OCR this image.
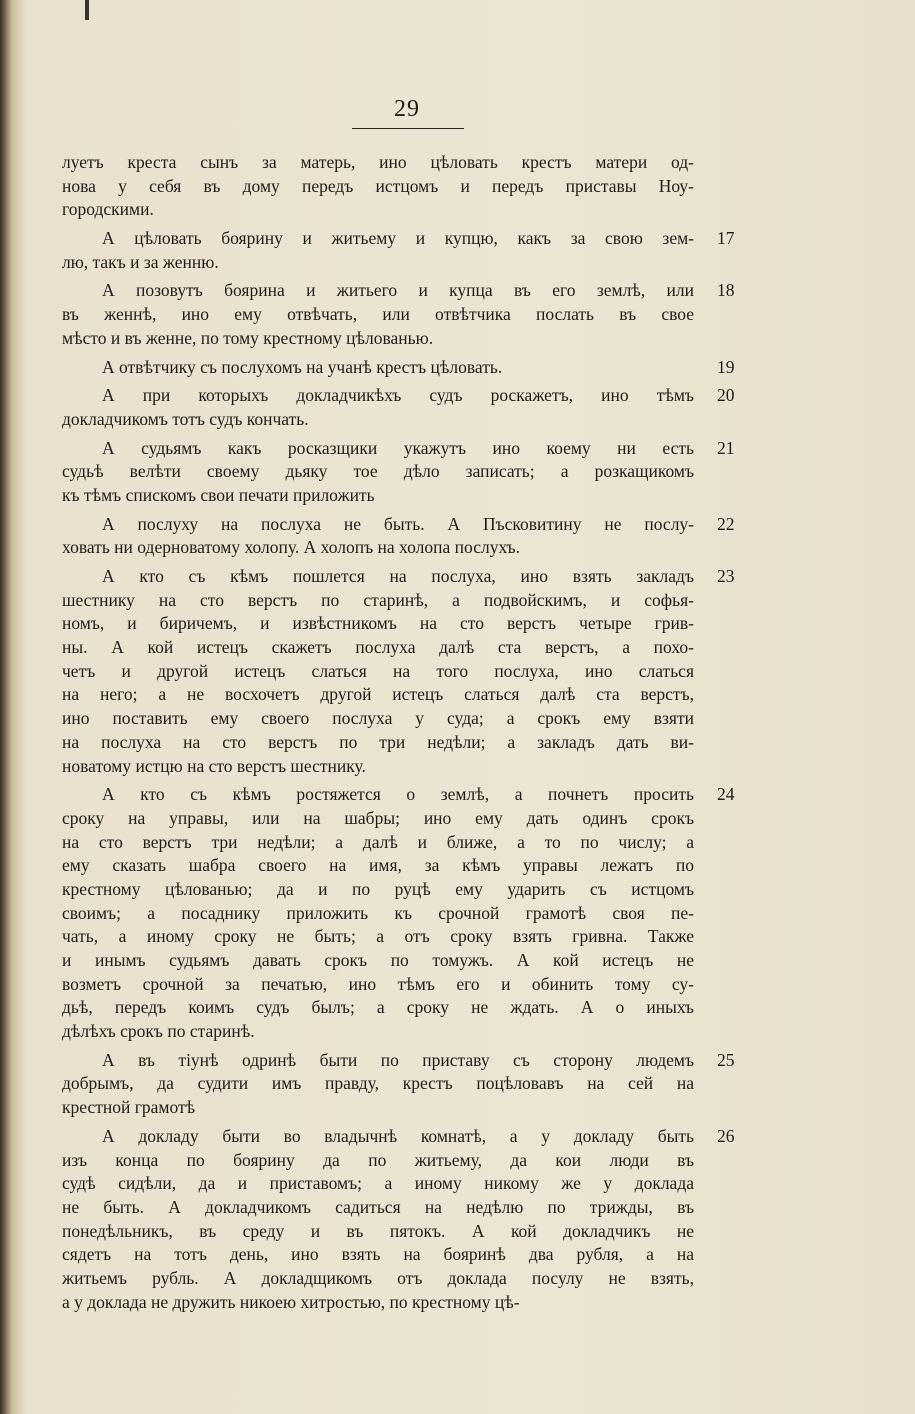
29
луетъ креста сынъ за матерь, ино цѣловать крестъ матери од-
нова у себя въ дому передъ истцомъ и передъ приставы Ноу-
городскими.
17
А цѣловать боярину и житьему и купцю, какъ за свою зем-
лю, такъ и за женню.
18
А позовутъ боярина и житьего и купца въ его землѣ, или
въ женнѣ, ино ему отвѣчать, или отвѣтчика послать въ свое
мѣсто и въ женне, по тому крестному цѣлованью.
19
А отвѣтчику съ послухомъ на учанѣ крестъ цѣловать.
20
А при которыхъ докладчикѣхъ судъ роскажетъ, ино тѣмъ
докладчикомъ тотъ судъ кончать.
21
А судьямъ какъ росказщики укажутъ ино коему ни есть
судьѣ велѣти своему дьяку тое дѣло записать; а розкащикомъ
къ тѣмъ спискомъ свои печати приложить
22
А послуху на послуха не быть. А Пъсковитину не послу-
ховать ни одерноватому холопу. А холопъ на холопа послухъ.
23
А кто съ кѣмъ пошлется на послуха, ино взять закладъ
шестнику на сто верстъ по старинѣ, а подвойскимъ, и софья-
номъ, и биричемъ, и извѣстникомъ на сто верстъ четыре грив-
ны. А кой истецъ скажетъ послуха далѣ ста верстъ, а похо-
четъ и другой истецъ слаться на того послуха, ино слаться
на него; а не восхочетъ другой истецъ слаться далѣ ста верстъ,
ино поставить ему своего послуха у суда; а срокъ ему взяти
на послуха на сто верстъ по три недѣли; а закладъ дать ви-
новатому истцю на сто верстъ шестнику.
24
А кто съ кѣмъ ростяжется о землѣ, а почнетъ просить
сроку на управы, или на шабры; ино ему дать одинъ срокъ
на сто верстъ три недѣли; а далѣ и ближе, а то по числу; а
ему сказать шабра своего на имя, за кѣмъ управы лежатъ по
крестному цѣлованью; да и по руцѣ ему ударить съ истцомъ
своимъ; а посаднику приложить къ срочной грамотѣ своя пе-
чать, а иному сроку не быть; а отъ сроку взять гривна. Также
и инымъ судьямъ давать срокъ по томужъ. А кой истецъ не
возметъ срочной за печатью, ино тѣмъ его и обинить тому су-
дьѣ, передъ коимъ судъ былъ; а сроку не ждать. А о иныхъ
дѣлѣхъ срокъ по старинѣ.
25
А въ тіунѣ одринѣ быти по приставу съ сторону людемъ
добрымъ, да судити имъ правду, крестъ поцѣловавъ на сей на
крестной грамотѣ
26
А докладу быти во владычнѣ комнатѣ, а у докладу быть
изъ конца по боярину да по житьему, да кои люди въ
судѣ сидѣли, да и приставомъ; а иному никому же у доклада
не быть. А докладчикомъ садиться на недѣлю по трижды, въ
понедѣльникъ, въ среду и въ пятокъ. А кой докладчикъ не
сядетъ на тотъ день, ино взять на бояринѣ два рубля, а на
житьемъ рубль. А докладщикомъ отъ доклада посулу не взять,
а у доклада не дружить никоею хитростью, по крестному цѣ-
